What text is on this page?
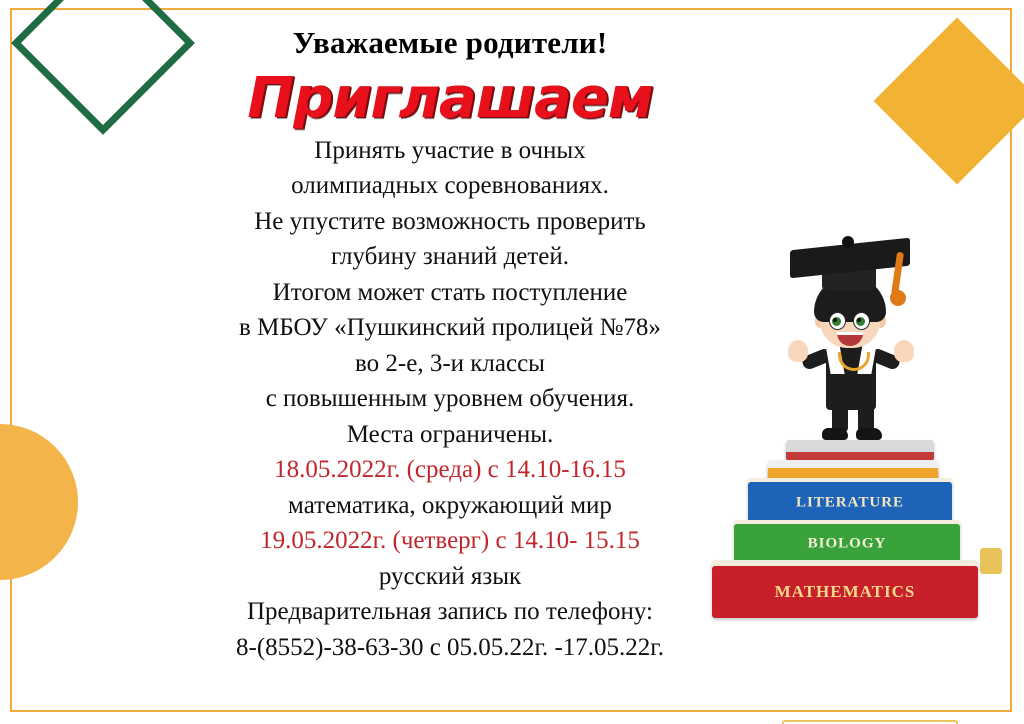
Уважаемые родители!
Приглашаем

Принять участие в очных

олимпиадных соревнованиях.

Не упустите возможность проверить

глубину знаний детей.

Итогом может стать поступление

в МБОУ «Пушкинский пролицей №78»

во 2-е, 3-и классы

с повышенным уровнем обучения.

Места ограничены.

18.05.2022г. (среда) с 14.10-16.15

математика, окружающий мир

19.05.2022г. (четверг) с 14.10- 15.15

русский язык

Предварительная запись по телефону:

8-(8552)-38-63-30 с 05.05.22г. -17.05.22г.

LITERATURE
BIOLOGY
MATHEMATICS
